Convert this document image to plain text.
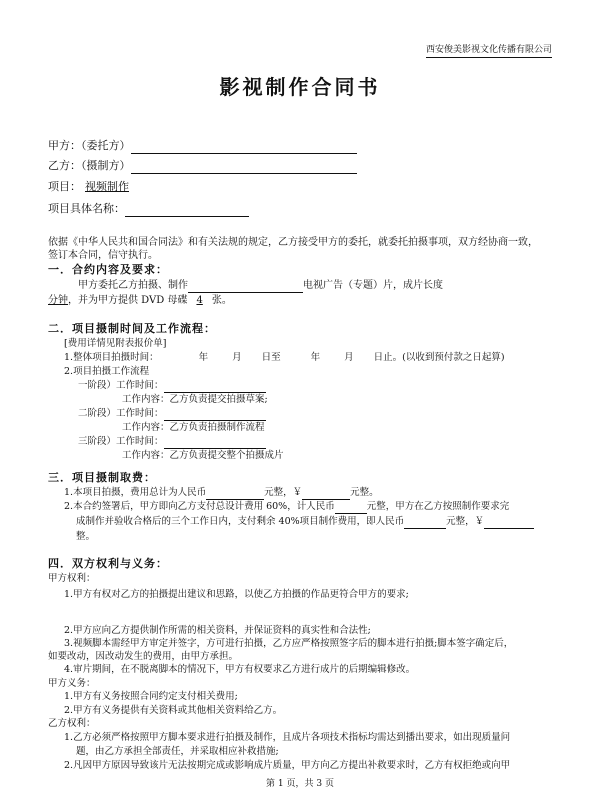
西安俊美影视文化传播有限公司
影视制作合同书
甲方：（委托方）
乙方：（摄制方）
项目： 视频制作
项目具体名称：
依据《中华人民共和国合同法》和有关法规的规定，乙方接受甲方的委托，就委托拍摄事项，双方经协商一致，
签订本合同，信守执行。
一．合约内容及要求：
甲方委托乙方拍摄、制作	电视广告（专题）片，成片长度
分钟，并为甲方提供 DVD 母碟 4 张。
二．项目摄制时间及工作流程：
[费用详情见附表报价单]
1.整体项目拍摄时间：	年	月 日至	年	月 日止。(以收到预付款之日起算)
2.项目拍摄工作流程
一阶段）工作时间：
工作内容：乙方负责提交拍摄草案;
二阶段）工作时间：
工作内容：乙方负责拍摄制作流程
三阶段）工作时间：
工作内容：乙方负责提交整个拍摄成片
三．项目摄制取费：
1.本项目拍摄，费用总计为人民币	元整，￥	元整。
2.本合约签署后，甲方即向乙方支付总设计费用 60%，计人民币	元整，甲方在乙方按照制作要求完
成制作并验收合格后的三个工作日内，支付剩余 40%项目制作费用，即人民币	元整，￥
整。
四．双方权利与义务：
甲方权利：
1.甲方有权对乙方的拍摄提出建议和思路，以使乙方拍摄的作品更符合甲方的要求;
2.甲方应向乙方提供制作所需的相关资料，并保证资料的真实性和合法性;
3.视频脚本需经甲方审定并签字，方可进行拍摄，乙方应严格按照签字后的脚本进行拍摄;脚本签字确定后，
如要改动，因改动发生的费用，由甲方承担。
4.审片期间，在不脱离脚本的情况下，甲方有权要求乙方进行成片的后期编辑修改。
甲方义务：
1.甲方有义务按照合同约定支付相关费用;
2.甲方有义务提供有关资料或其他相关资料给乙方。
乙方权利：
1.乙方必须严格按照甲方脚本要求进行拍摄及制作，且成片各项技术指标均需达到播出要求，如出现质量问
题，由乙方承担全部责任，并采取相应补救措施;
2.凡因甲方原因导致该片无法按期完成或影响成片质量，甲方向乙方提出补救要求时，乙方有权拒绝或向甲
第 1 页，共 3 页
